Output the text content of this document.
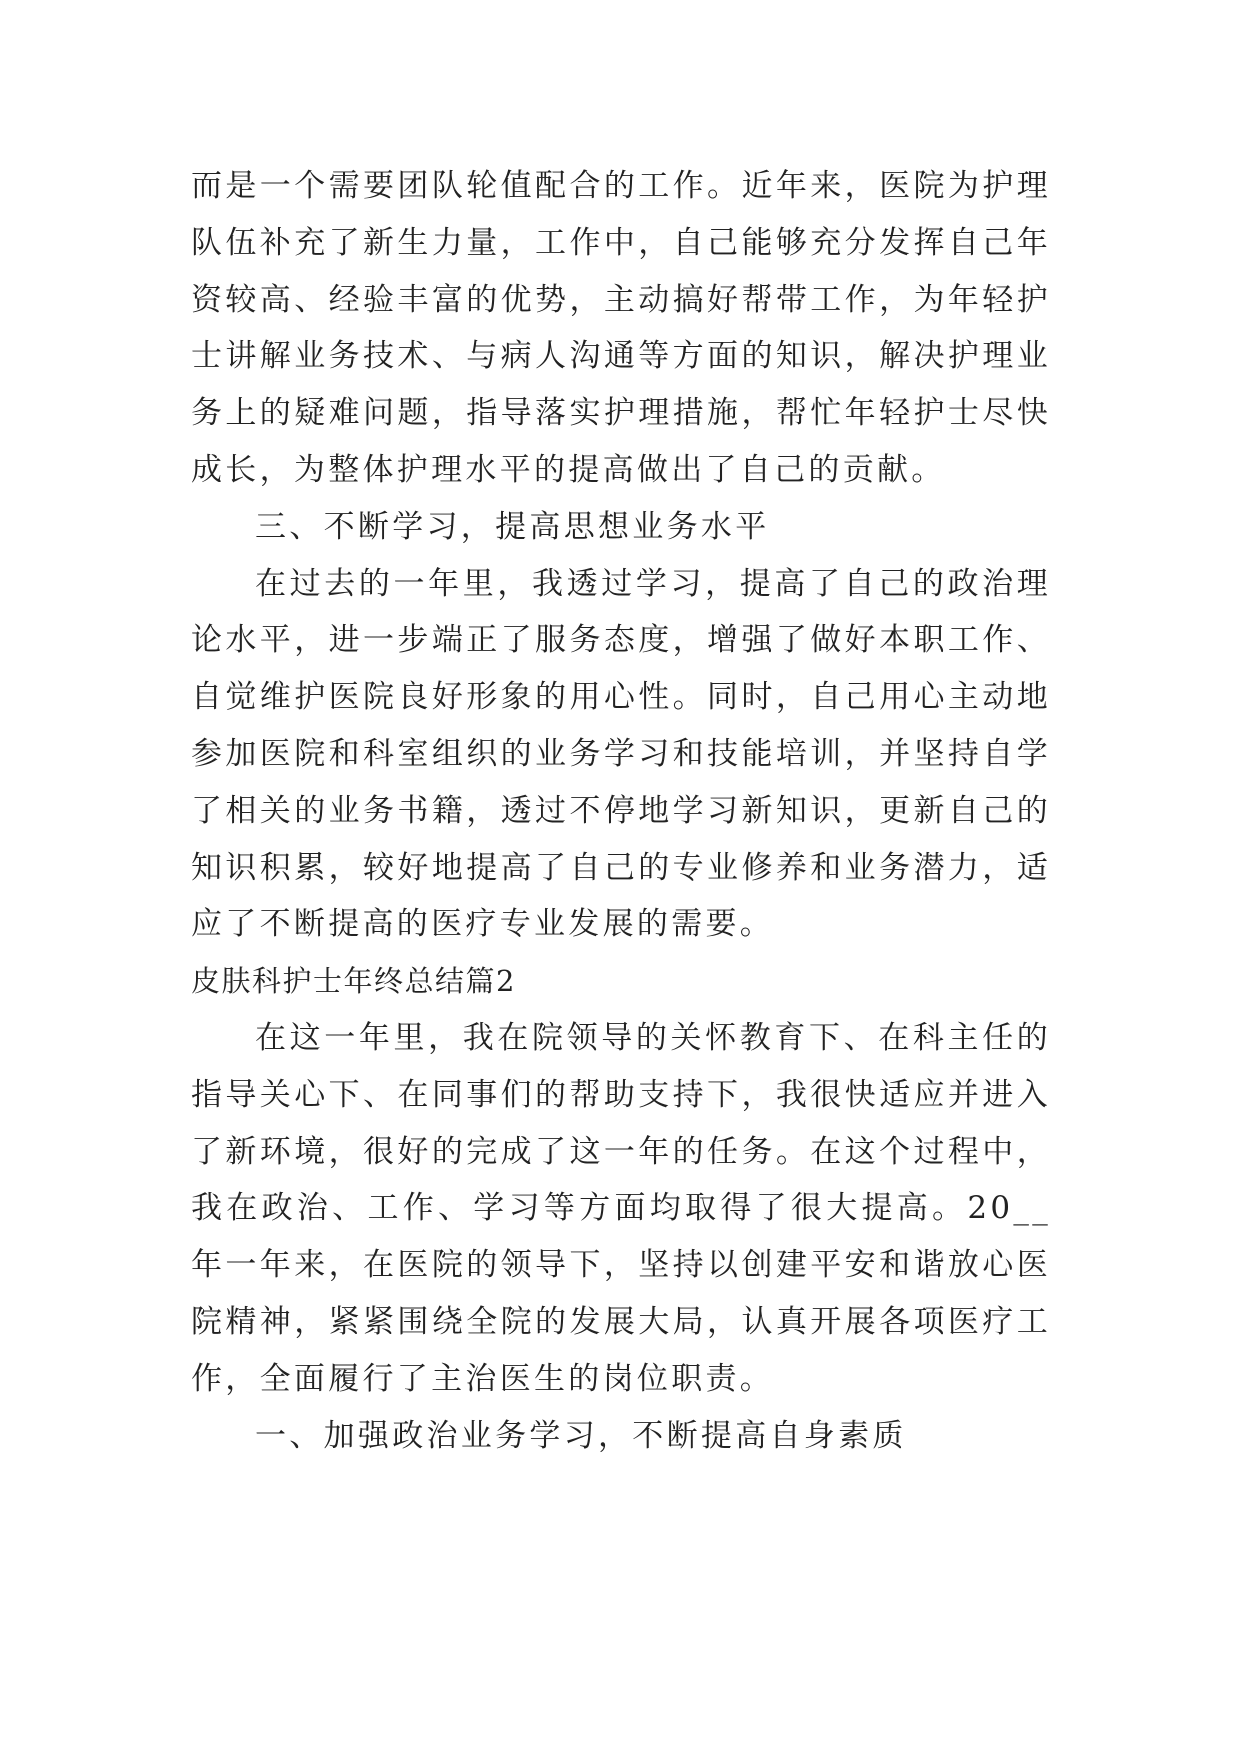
而是一个需要团队轮值配合的工作。近年来，医院为护理队伍补充了新生力量，工作中，自己能够充分发挥自己年资较高、经验丰富的优势，主动搞好帮带工作，为年轻护士讲解业务技术、与病人沟通等方面的知识，解决护理业务上的疑难问题，指导落实护理措施，帮忙年轻护士尽快成长，为整体护理水平的提高做出了自己的贡献。

三、不断学习，提高思想业务水平

在过去的一年里，我透过学习，提高了自己的政治理论水平，进一步端正了服务态度，增强了做好本职工作、自觉维护医院良好形象的用心性。同时，自己用心主动地参加医院和科室组织的业务学习和技能培训，并坚持自学了相关的业务书籍，透过不停地学习新知识，更新自己的知识积累，较好地提高了自己的专业修养和业务潜力，适应了不断提高的医疗专业发展的需要。

皮肤科护士年终总结篇2

在这一年里，我在院领导的关怀教育下、在科主任的指导关心下、在同事们的帮助支持下，我很快适应并进入了新环境，很好的完成了这一年的任务。在这个过程中，我在政治、工作、学习等方面均取得了很大提高。20__年一年来，在医院的领导下，坚持以创建平安和谐放心医院精神，紧紧围绕全院的发展大局，认真开展各项医疗工作，全面履行了主治医生的岗位职责。

一、加强政治业务学习，不断提高自身素质
